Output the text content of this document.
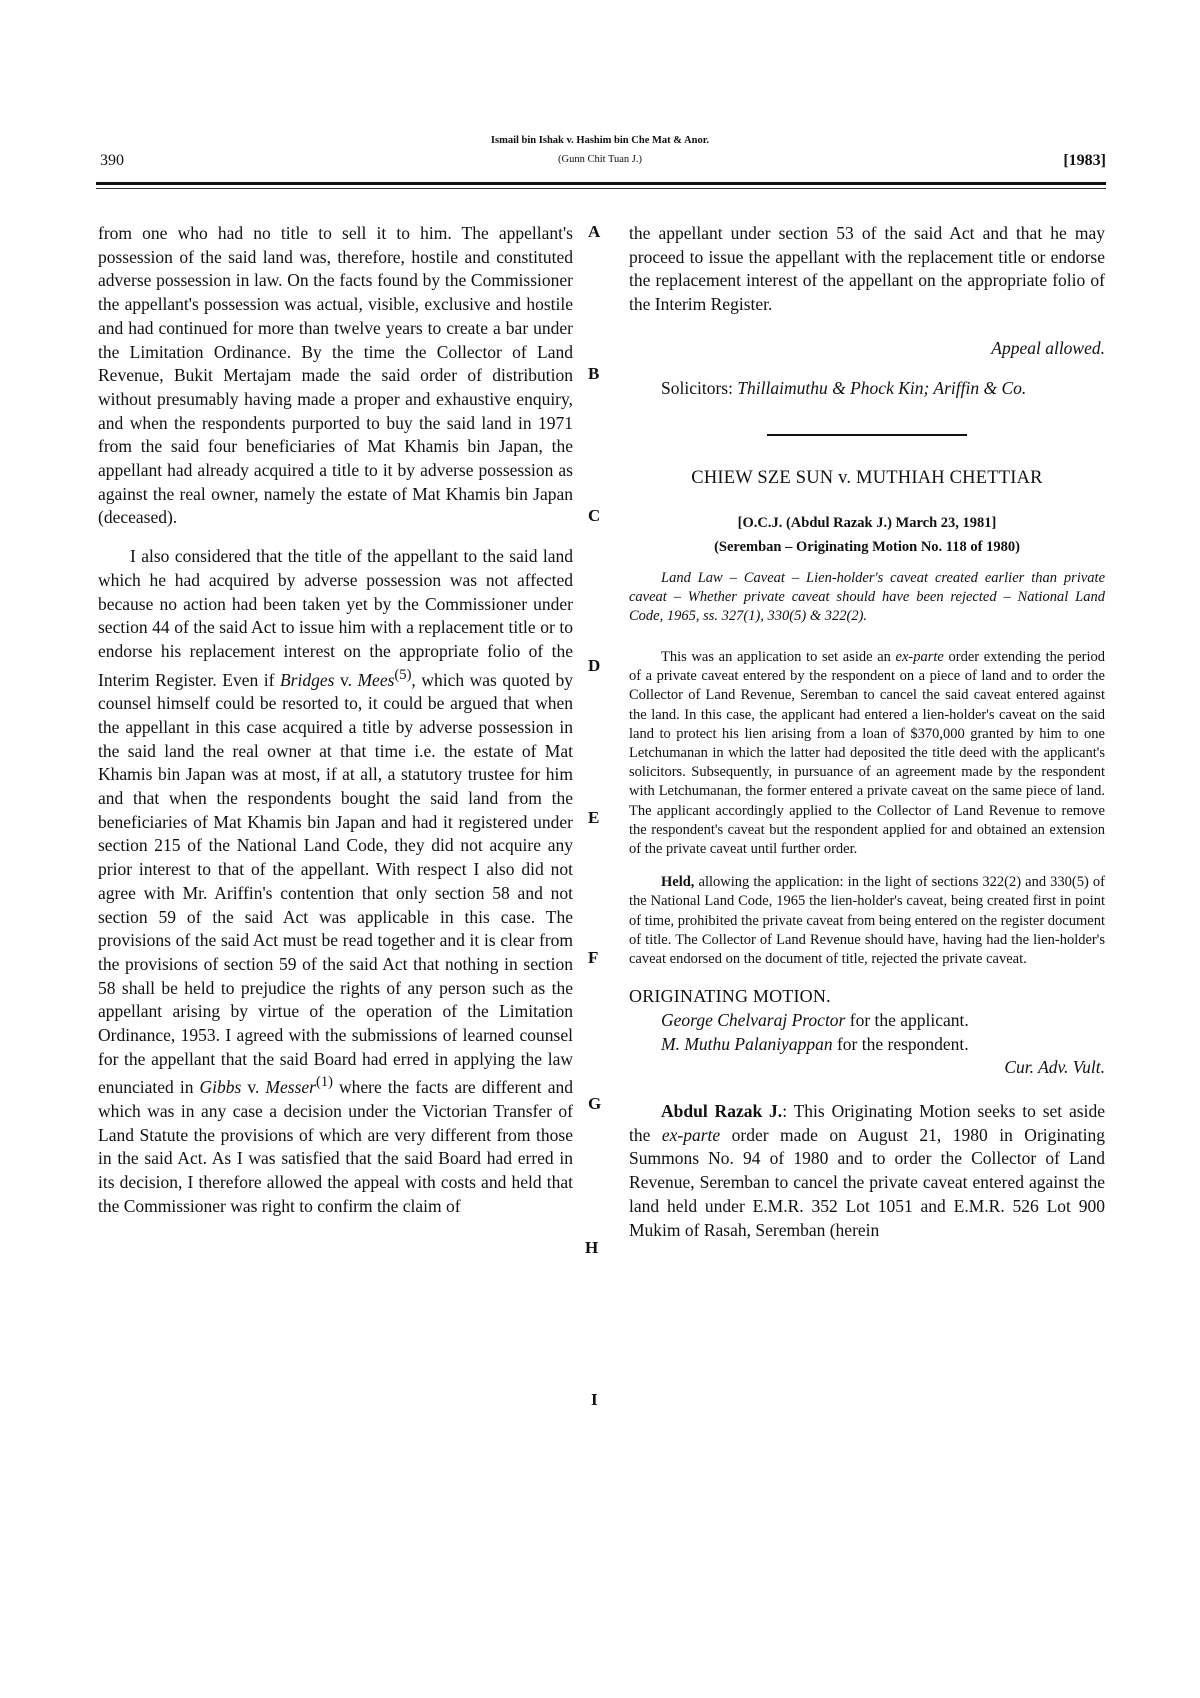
390
Ismail bin Ishak v. Hashim bin Che Mat & Anor.
(Gunn Chit Tuan J.)	[1983]

from one who had no title to sell it to him. The appellant's possession of the said land was, therefore, hostile and constituted adverse possession in law. On the facts found by the Commissioner the appellant's possession was actual, visible, exclusive and hostile and had continued for more than twelve years to create a bar under the Limitation Ordinance. By the time the Collector of Land Revenue, Bukit Mertajam made the said order of distribution without presumably having made a proper and exhaustive enquiry, and when the respondents purported to buy the said land in 1971 from the said four beneficiaries of Mat Khamis bin Japan, the appellant had already acquired a title to it by adverse possession as against the real owner, namely the estate of Mat Khamis bin Japan (deceased).

I also considered that the title of the appellant to the said land which he had acquired by adverse possession was not affected because no action had been taken yet by the Commissioner under section 44 of the said Act to issue him with a replacement title or to endorse his replacement interest on the appropriate folio of the Interim Register. Even if Bridges v. Mees$^{(5)}$, which was quoted by counsel himself could be resorted to, it could be argued that when the appellant in this case acquired a title by adverse possession in the said land the real owner at that time i.e. the estate of Mat Khamis bin Japan was at most, if at all, a statutory trustee for him and that when the respondents bought the said land from the beneficiaries of Mat Khamis bin Japan and had it registered under section 215 of the National Land Code, they did not acquire any prior interest to that of the appellant. With respect I also did not agree with Mr. Ariffin's contention that only section 58 and not section 59 of the said Act was applicable in this case. The provisions of the said Act must be read together and it is clear from the provisions of section 59 of the said Act that nothing in section 58 shall be held to prejudice the rights of any person such as the appellant arising by virtue of the operation of the Limitation Ordinance, 1953. I agreed with the submissions of learned counsel for the appellant that the said Board had erred in applying the law enunciated in Gibbs v. Messer$^{(1)}$ where the facts are different and which was in any case a decision under the Victorian Transfer of Land Statute the provisions of which are very different from those in the said Act. As I was satisfied that the said Board had erred in its decision, I therefore allowed the appeal with costs and held that the Commissioner was right to confirm the claim of

A
B
C
D
E
F
G
H
I

the appellant under section 53 of the said Act and that he may proceed to issue the appellant with the replacement title or endorse the replacement interest of the appellant on the appropriate folio of the Interim Register.

Appeal allowed.

Solicitors: Thillaimuthu & Phock Kin; Ariffin & Co.

CHIEW SZE SUN v. MUTHIAH CHETTIAR

[O.C.J. (Abdul Razak J.) March 23, 1981]

(Seremban – Originating Motion No. 118 of 1980)

Land Law – Caveat – Lien-holder's caveat created earlier than private caveat – Whether private caveat should have been rejected – National Land Code, 1965, ss. 327(1), 330(5) & 322(2).

This was an application to set aside an ex-parte order extending the period of a private caveat entered by the respondent on a piece of land and to order the Collector of Land Revenue, Seremban to cancel the said caveat entered against the land. In this case, the applicant had entered a lien-holder's caveat on the said land to protect his lien arising from a loan of $370,000 granted by him to one Letchumanan in which the latter had deposited the title deed with the applicant's solicitors. Subsequently, in pursuance of an agreement made by the respondent with Letchumanan, the former entered a private caveat on the same piece of land. The applicant accordingly applied to the Collector of Land Revenue to remove the respondent's caveat but the respondent applied for and obtained an extension of the private caveat until further order.

Held, allowing the application: in the light of sections 322(2) and 330(5) of the National Land Code, 1965 the lien-holder's caveat, being created first in point of time, prohibited the private caveat from being entered on the register document of title. The Collector of Land Revenue should have, having had the lien-holder's caveat endorsed on the document of title, rejected the private caveat.

ORIGINATING MOTION.

George Chelvaraj Proctor for the applicant.

M. Muthu Palaniyappan for the respondent.

Cur. Adv. Vult.

Abdul Razak J.: This Originating Motion seeks to set aside the ex-parte order made on August 21, 1980 in Originating Summons No. 94 of 1980 and to order the Collector of Land Revenue, Seremban to cancel the private caveat entered against the land held under E.M.R. 352 Lot 1051 and E.M.R. 526 Lot 900 Mukim of Rasah, Seremban (herein
